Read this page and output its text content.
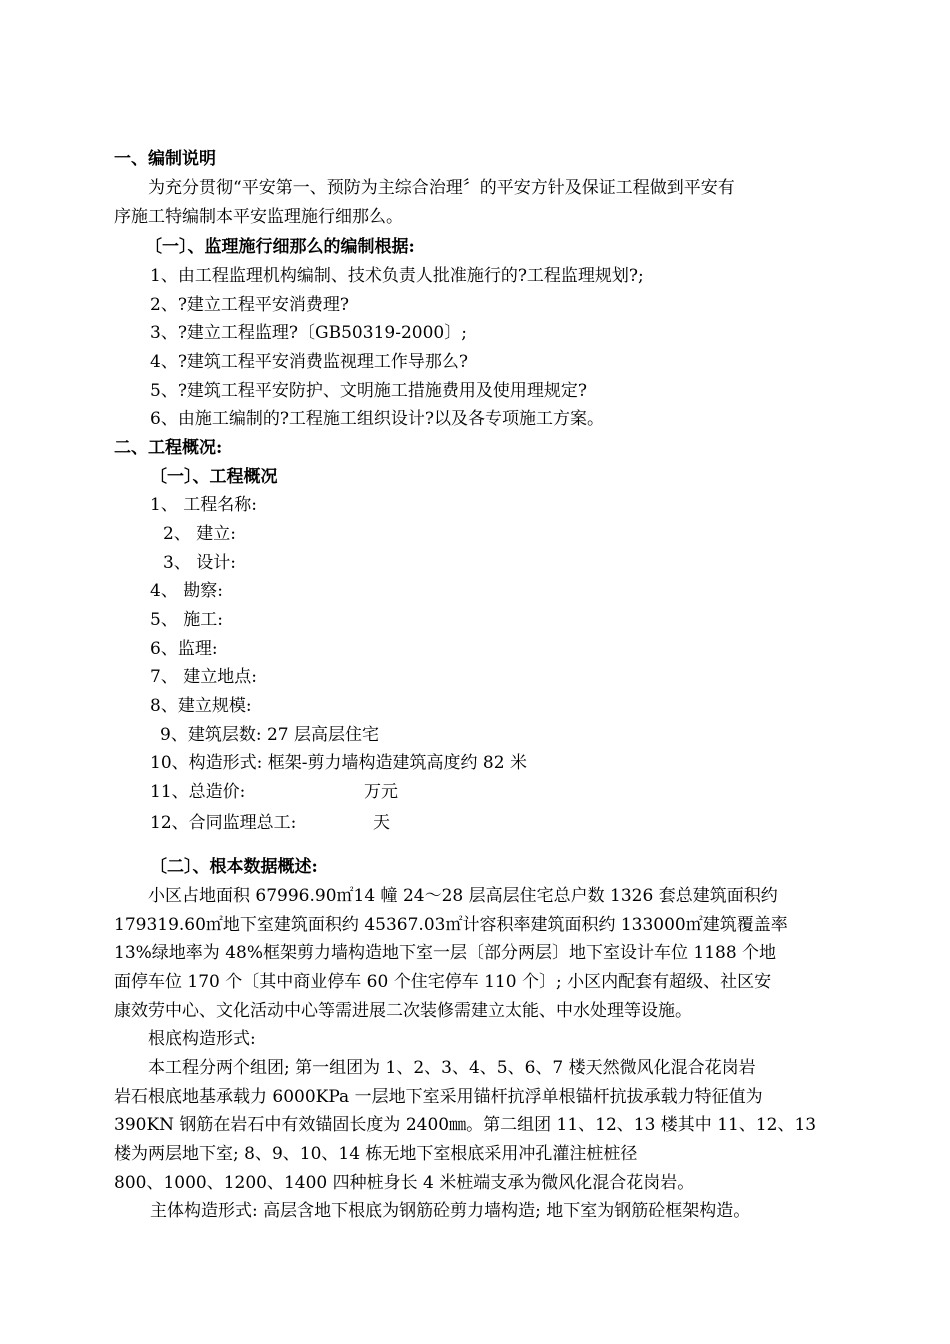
一、编制说明
为充分贯彻“平安第一、预防为主综合治理〞的平安方针及保证工程做到平安有
序施工特编制本平安监理施行细那么。
〔一〕、监理施行细那么的编制根据:
1、由工程监理机构编制、技术负责人批准施行的?工程监理规划?;
2、?建立工程平安消费理?
3、?建立工程监理?〔GB50319-2000〕;
4、?建筑工程平安消费监视理工作导那么?
5、?建筑工程平安防护、文明施工措施费用及使用理规定?
6、由施工编制的?工程施工组织设计?以及各专项施工方案。
二、工程概况:
〔一〕、工程概况
1、 工程名称:
2、 建立:
3、 设计:
4、 勘察:
5、 施工:
6、监理:
7、 建立地点:
8、建立规模:
9、建筑层数: 27 层高层住宅
10、构造形式: 框架-剪力墙构造建筑高度约 82 米
11、总造价:	万元
12、合同监理总工:	天
〔二〕、根本数据概述:
小区占地面积 67996.90㎡14 幢 24～28 层高层住宅总户数 1326 套总建筑面积约
179319.60㎡地下室建筑面积约 45367.03㎡计容积率建筑面积约 133000㎡建筑覆盖率
13%绿地率为 48%框架剪力墙构造地下室一层〔部分两层〕地下室设计车位 1188 个地
面停车位 170 个〔其中商业停车 60 个住宅停车 110 个〕; 小区内配套有超级、社区安
康效劳中心、文化活动中心等需进展二次装修需建立太能、中水处理等设施。
根底构造形式:
本工程分两个组团; 第一组团为 1、2、3、4、5、6、7 楼天然微风化混合花岗岩
岩石根底地基承载力 6000KPa 一层地下室采用锚杆抗浮单根锚杆抗拔承载力特征值为
390KN 钢筋在岩石中有效锚固长度为 2400㎜。第二组团 11、12、13 楼其中 11、12、13
楼为两层地下室; 8、9、10、14 栋无地下室根底采用冲孔灌注桩桩径
800、1000、1200、1400 四种桩身长 4 米桩端支承为微风化混合花岗岩。
主体构造形式: 高层含地下根底为钢筋砼剪力墙构造; 地下室为钢筋砼框架构造。
